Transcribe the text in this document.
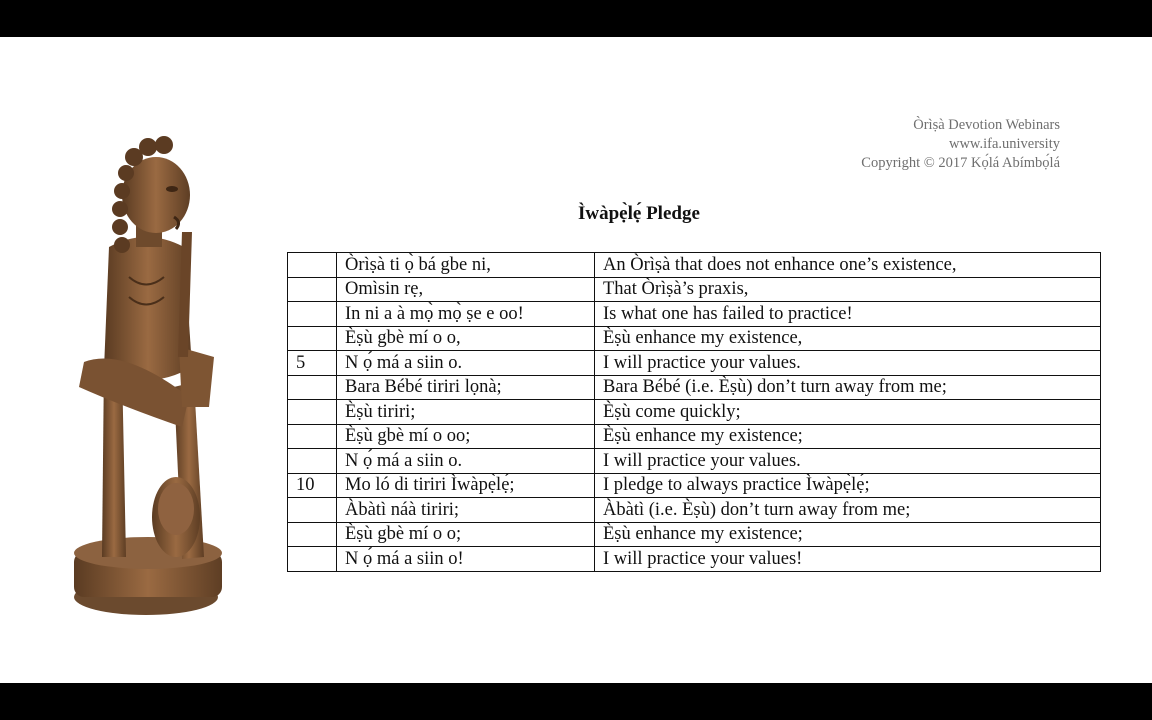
Òrìṣà Devotion Webinars
www.ifa.university
Copyright © 2017 Kọ́lá Abímbọ́lá
Ìwàpẹ̀lẹ́ Pledge
	Òrìṣà ti ọ̀ bá gbe ni,	An Òrìṣà that does not enhance one’s existence,
	Omìsin rẹ,	That Òrìṣà’s praxis,
	In ni a à mọ̀ mọ̀ ṣe e oo!	Is what one has failed to practice!
	Èṣù gbè mí o o,	Èṣù enhance my existence,
5	N ọ́ má a siin o.	I will practice your values.
	Bara Bébé tiriri lọnà;	Bara Bébé (i.e. Èṣù) don’t turn away from me;
	Èṣù tiriri;	Èṣù come quickly;
	Èṣù gbè mí o oo;	Èṣù enhance my existence;
	N ọ́ má a siin o.	I will practice your values.
10	Mo ló di tiriri Ìwàpẹ̀lẹ́;	I pledge to always practice Ìwàpẹ̀lẹ́;
	Àbàtì náà tiriri;	Àbàtì (i.e. Èṣù) don’t turn away from me;
	Èṣù gbè mí o o;	Èṣù enhance my existence;
	N ọ́ má a siin o!	I will practice your values!
